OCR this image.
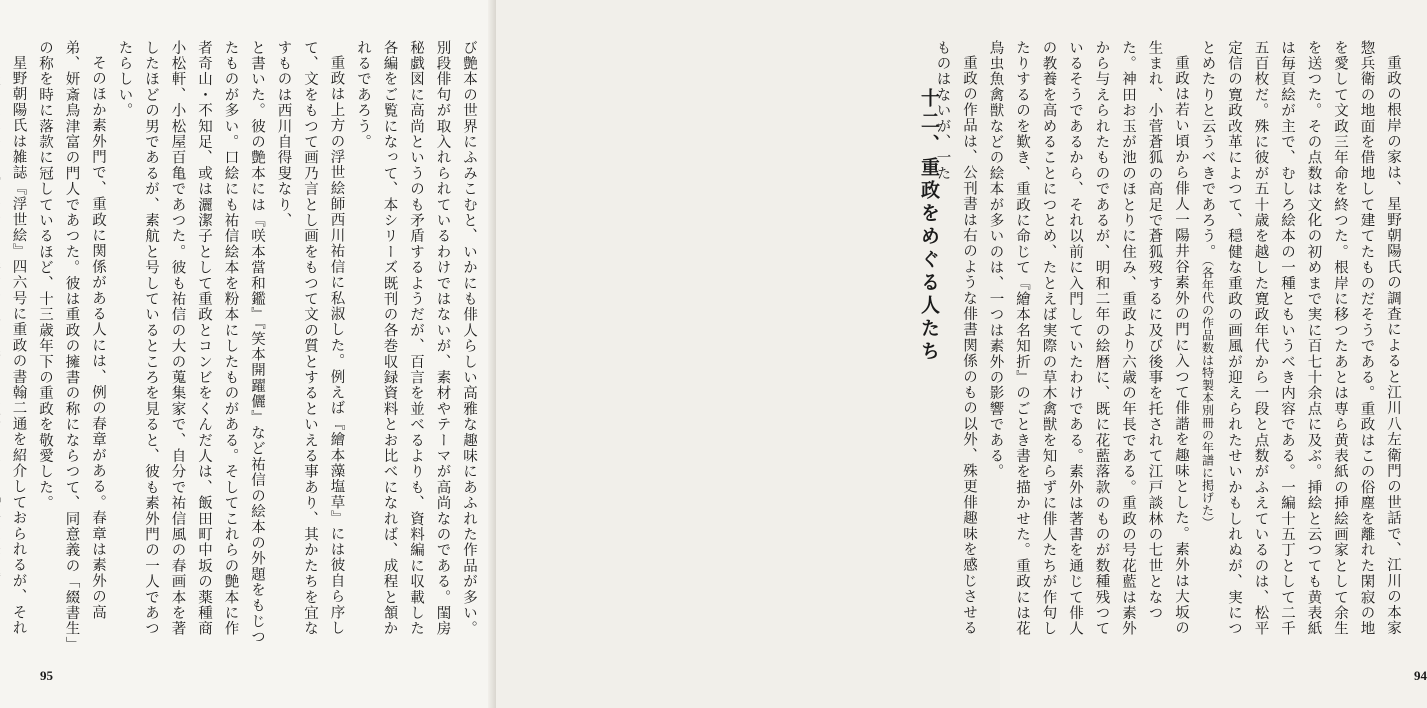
び艶本の世界にふみこむと、いかにも俳人らしい高雅な趣味にあふれた作品が多い。別段俳句が取入れられているわけではないが、素材やテーマが高尚なのである。閨房秘戯図に高尚というのも矛盾するようだが、百言を並べるよりも、資料編に収載した各編をご覧になって、本シリーズ既刊の各巻収録資料とお比べになれば、成程と頷かれるであろう。

重政は上方の浮世絵師西川祐信に私淑した。例えば『繪本藻塩草』には彼自ら序して、文をもつて画乃言とし画をもつて文の質とするといえる事あり、其かたちを宜なすものは西川自得叟なり、

と書いた。彼の艶本には『咲本當和鑑』『笑本開躍儷』など祐信の絵本の外題をもじつたものが多い。口絵にも祐信絵本を粉本にしたものがある。そしてこれらの艶本に作者奇山・不知足、或は灑潔子として重政とコンビをくんだ人は、飯田町中坂の薬種商小松軒、小松屋百亀であつた。彼も祐信の大の蒐集家で、自分で祐信風の春画本を著したほどの男であるが、素航と号しているところを見ると、彼も素外門の一人であつたらしい。

そのほか素外門で、重政に関係がある人には、例の春章がある。春章は素外の高弟、妍斎鳥津富の門人であつた。彼は重政の擁書の称にならつて、同意義の「綴書生」の称を時に落款に冠しているほど、十三歳年下の重政を敬愛した。

星野朝陽氏は雑誌『浮世絵』四六号に重政の書翰二通を紹介しておられるが、それ

95

重政の根岸の家は、星野朝陽氏の調査によると江川八左衛門の世話で、江川の本家惣兵衛の地面を借地して建てたものだそうである。重政はこの俗塵を離れた閑寂の地を愛して文政三年命を終つた。根岸に移つたあとは専ら黄表紙の挿絵画家として余生を送つた。その点数は文化の初めまで実に百七十余点に及ぶ。挿絵と云つても黄表紙は毎頁絵が主で、むしろ絵本の一種ともいうべき内容である。一編十五丁として二千五百枚だ。殊に彼が五十歳を越した寛政年代から一段と点数がふえているのは、松平定信の寛政改革によつて、穏健な重政の画風が迎えられたせいかもしれぬが、実につとめたりと云うべきであろう。（各年代の作品数は特製本別冊の年譜に掲げた）

重政は若い頃から俳人一陽井谷素外の門に入つて俳諧を趣味とした。素外は大坂の生まれ、小菅蒼狐の高足で蒼狐歿するに及び後事を托されて江戸談林の七世となつた。神田お玉が池のほとりに住み、重政より六歳の年長である。重政の号花藍は素外から与えられたものであるが、明和二年の絵暦に、既に花藍落款のものが数種残つているそうであるから、それ以前に入門していたわけである。素外は著書を通じて俳人の教養を高めることにつとめ、たとえば実際の草木禽獣を知らずに俳人たちが作句したりするのを歎き、重政に命じて『繪本名知折』のごとき書を描かせた。重政には花鳥虫魚禽獣などの絵本が多いのは、一つは素外の影響である。

重政の作品は、公刊書は右のような俳書関係のもの以外、殊更俳趣味を感じさせるものはないが、一た

94
十二、重政をめぐる人たち
